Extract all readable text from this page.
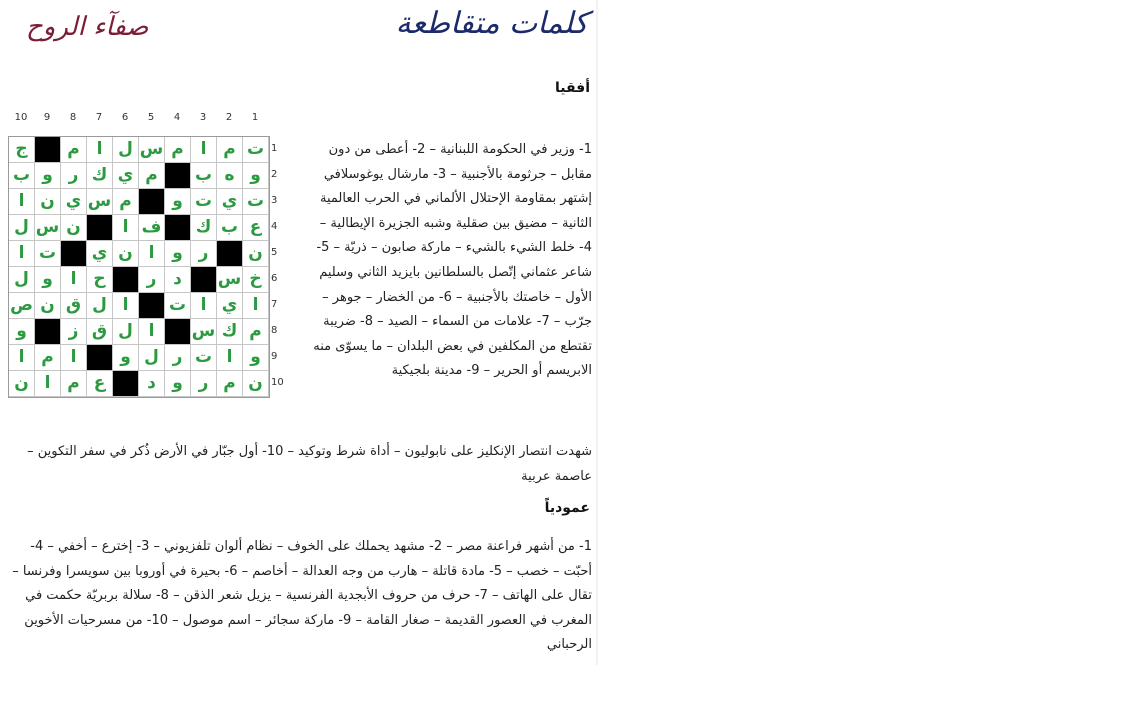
كلمات متقاطعة
صفآء الروح
أفقيا
1
2
3
4
5
6
7
8
9
10
ت
م
ا
م
س
ل
ا
م
ج
و
ه
ب
م
ي
ك
ر
و
ب
ت
ي
ت
و
م
س
ي
ن
ا
ع
ب
ك
ف
ا
ن
س
ل
ن
ر
و
ا
ن
ي
ت
ا
خ
س
د
ر
ح
ا
و
ل
ا
ي
ا
ت
ا
ل
ق
ن
ص
م
ك
س
ا
ل
ق
ز
و
و
ا
ت
ر
ل
و
ا
م
ا
ن
م
ر
و
د
ع
م
ا
ن
1
2
3
4
5
6
7
8
9
10
1- وزير في الحكومة اللبنانية – 2- أعطى من دون مقابل – جرثومة بالأجنبية – 3- مارشال يوغوسلافي إشتهر بمقاومة الإحتلال الألماني في الحرب العالمية الثانية – مضيق بين صقلية وشبه الجزيرة الإيطالية – 4- خلط الشيء بالشيء – ماركة صابون – ذريّة – 5- شاعر عثماني إتّصل بالسلطانين بايزيد الثاني وسليم الأول – خاصتك بالأجنبية – 6- من الخضار – جوهر – جرّب – 7- علامات من السماء – الصيد – 8- ضريبة تقتطع من المكلفين في بعض البلدان – ما يسوّى منه الابريسم أو الحرير – 9- مدينة بلجيكية
شهدت انتصار الإنكليز على نابوليون – أداة شرط وتوكيد – 10- أول جبّار في الأرض ذُكر في سفر التكوين – عاصمة عربية
عمودياً
1- من أشهر فراعنة مصر – 2- مشهد يحملك على الخوف – نظام ألوان تلفزيوني – 3- إخترع – أخفي – 4- أحبّت – خصب – 5- مادة قاتلة – هارب من وجه العدالة – أخاصم – 6- بحيرة في أوروبا بين سويسرا وفرنسا – تقال على الهاتف – 7- حرف من حروف الأبجدية الفرنسية – يزيل شعر الذقن – 8- سلالة بربريّة حكمت في المغرب في العصور القديمة – صغار القامة – 9- ماركة سجائر – اسم موصول – 10- من مسرحيات الأخوين الرحباني
